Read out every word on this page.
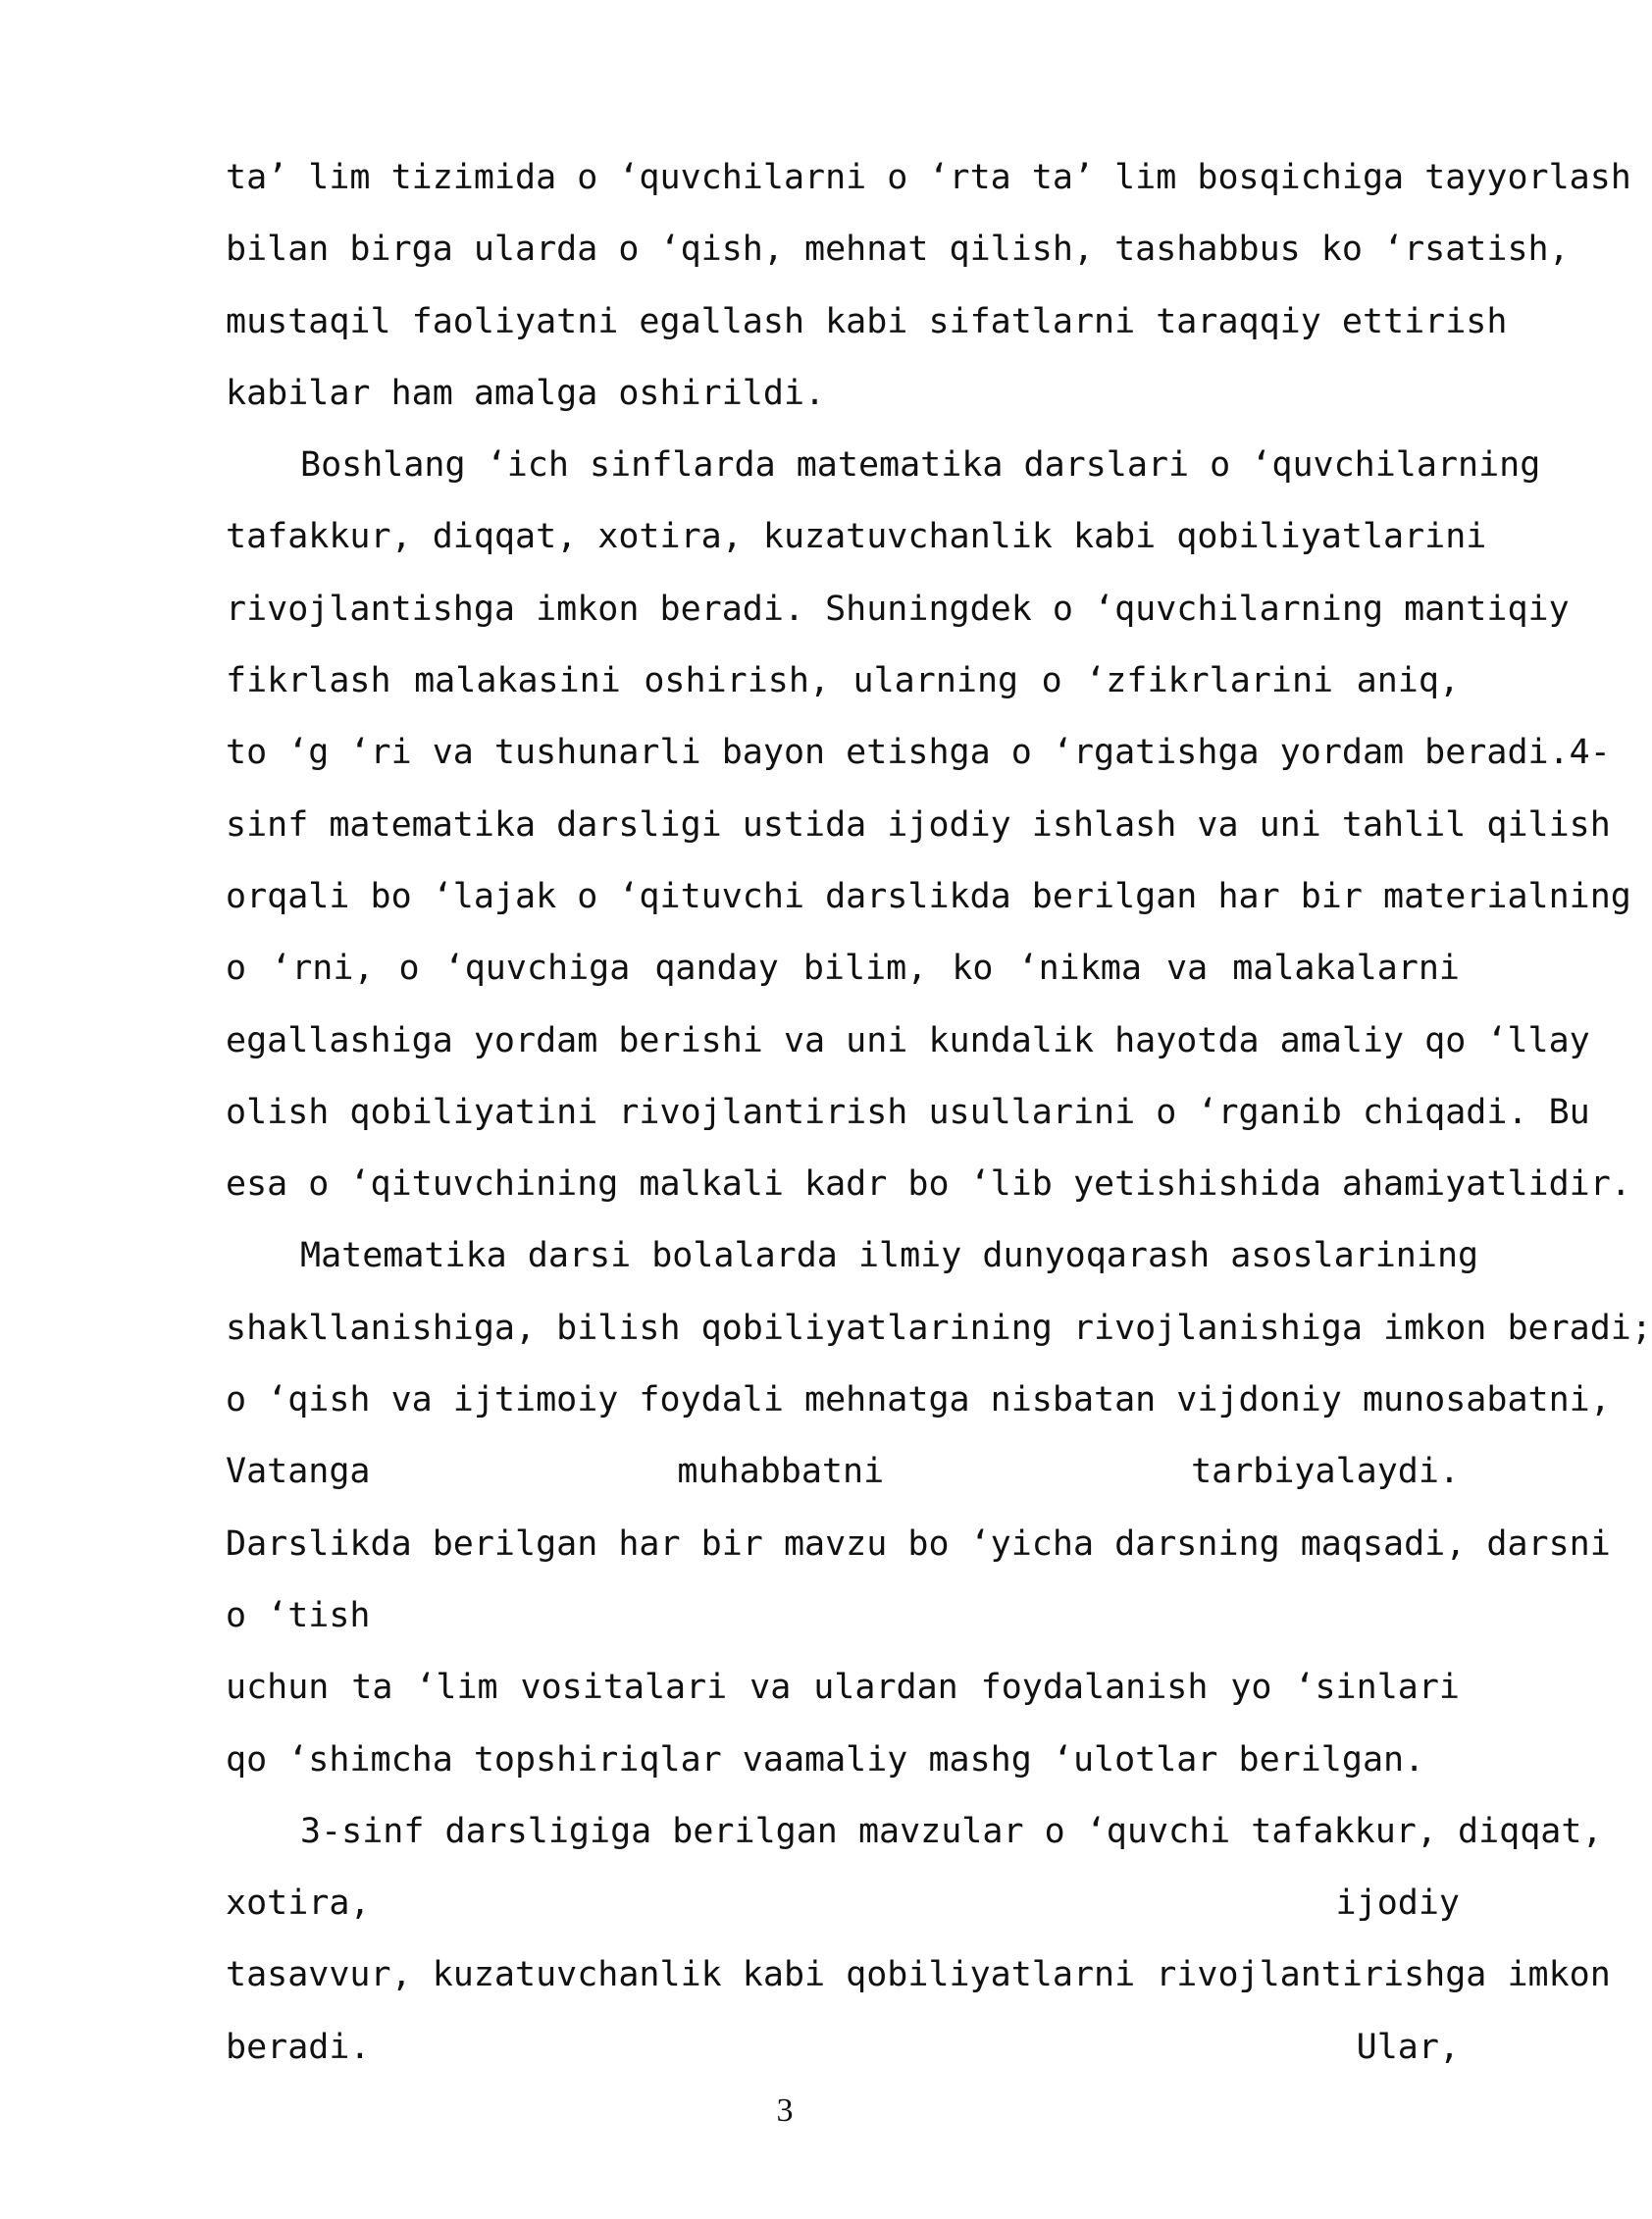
ta’ lim tizimida o ‘quvchilarni o ‘rta ta’ lim bosqichiga tayyorlash
bilan birga ularda o ‘qish, mehnat qilish, tashabbus ko ‘rsatish,
mustaqil faoliyatni egallash kabi sifatlarni taraqqiy ettirish
kabilar ham amalga oshirildi.
Boshlang ‘ich sinflarda matematika darslari o ‘quvchilarning
tafakkur, diqqat, xotira, kuzatuvchanlik kabi qobiliyatlarini
rivojlantishga imkon beradi. Shuningdek o ‘quvchilarning mantiqiy
fikrlash malakasini oshirish, ularning o ‘zfikrlarini aniq,
to ‘g ‘ri va tushunarli bayon etishga o ‘rgatishga yordam beradi.4-
sinf matematika darsligi ustida ijodiy ishlash va uni tahlil qilish
orqali bo ‘lajak o ‘qituvchi darslikda berilgan har bir materialning
o ‘rni, o ‘quvchiga qanday bilim, ko ‘nikma va malakalarni
egallashiga yordam berishi va uni kundalik hayotda amaliy qo ‘llay
olish qobiliyatini rivojlantirish usullarini o ‘rganib chiqadi. Bu
esa o ‘qituvchining malkali kadr bo ‘lib yetishishida ahamiyatlidir.
Matematika darsi bolalarda ilmiy dunyoqarash asoslarining
shakllanishiga, bilish qobiliyatlarining rivojlanishiga imkon beradi;
o ‘qish va ijtimoiy foydali mehnatga nisbatan vijdoniy munosabatni,
Vatanga muhabbatni tarbiyalaydi.
Darslikda berilgan har bir mavzu bo ‘yicha darsning maqsadi, darsni
o ‘tish
uchun ta ‘lim vositalari va ulardan foydalanish yo ‘sinlari
qo ‘shimcha topshiriqlar vaamaliy mashg ‘ulotlar berilgan.
3-sinf darsligiga berilgan mavzular o ‘quvchi tafakkur, diqqat,
xotira, ijodiy
tasavvur, kuzatuvchanlik kabi qobiliyatlarni rivojlantirishga imkon
beradi. Ular,
3
